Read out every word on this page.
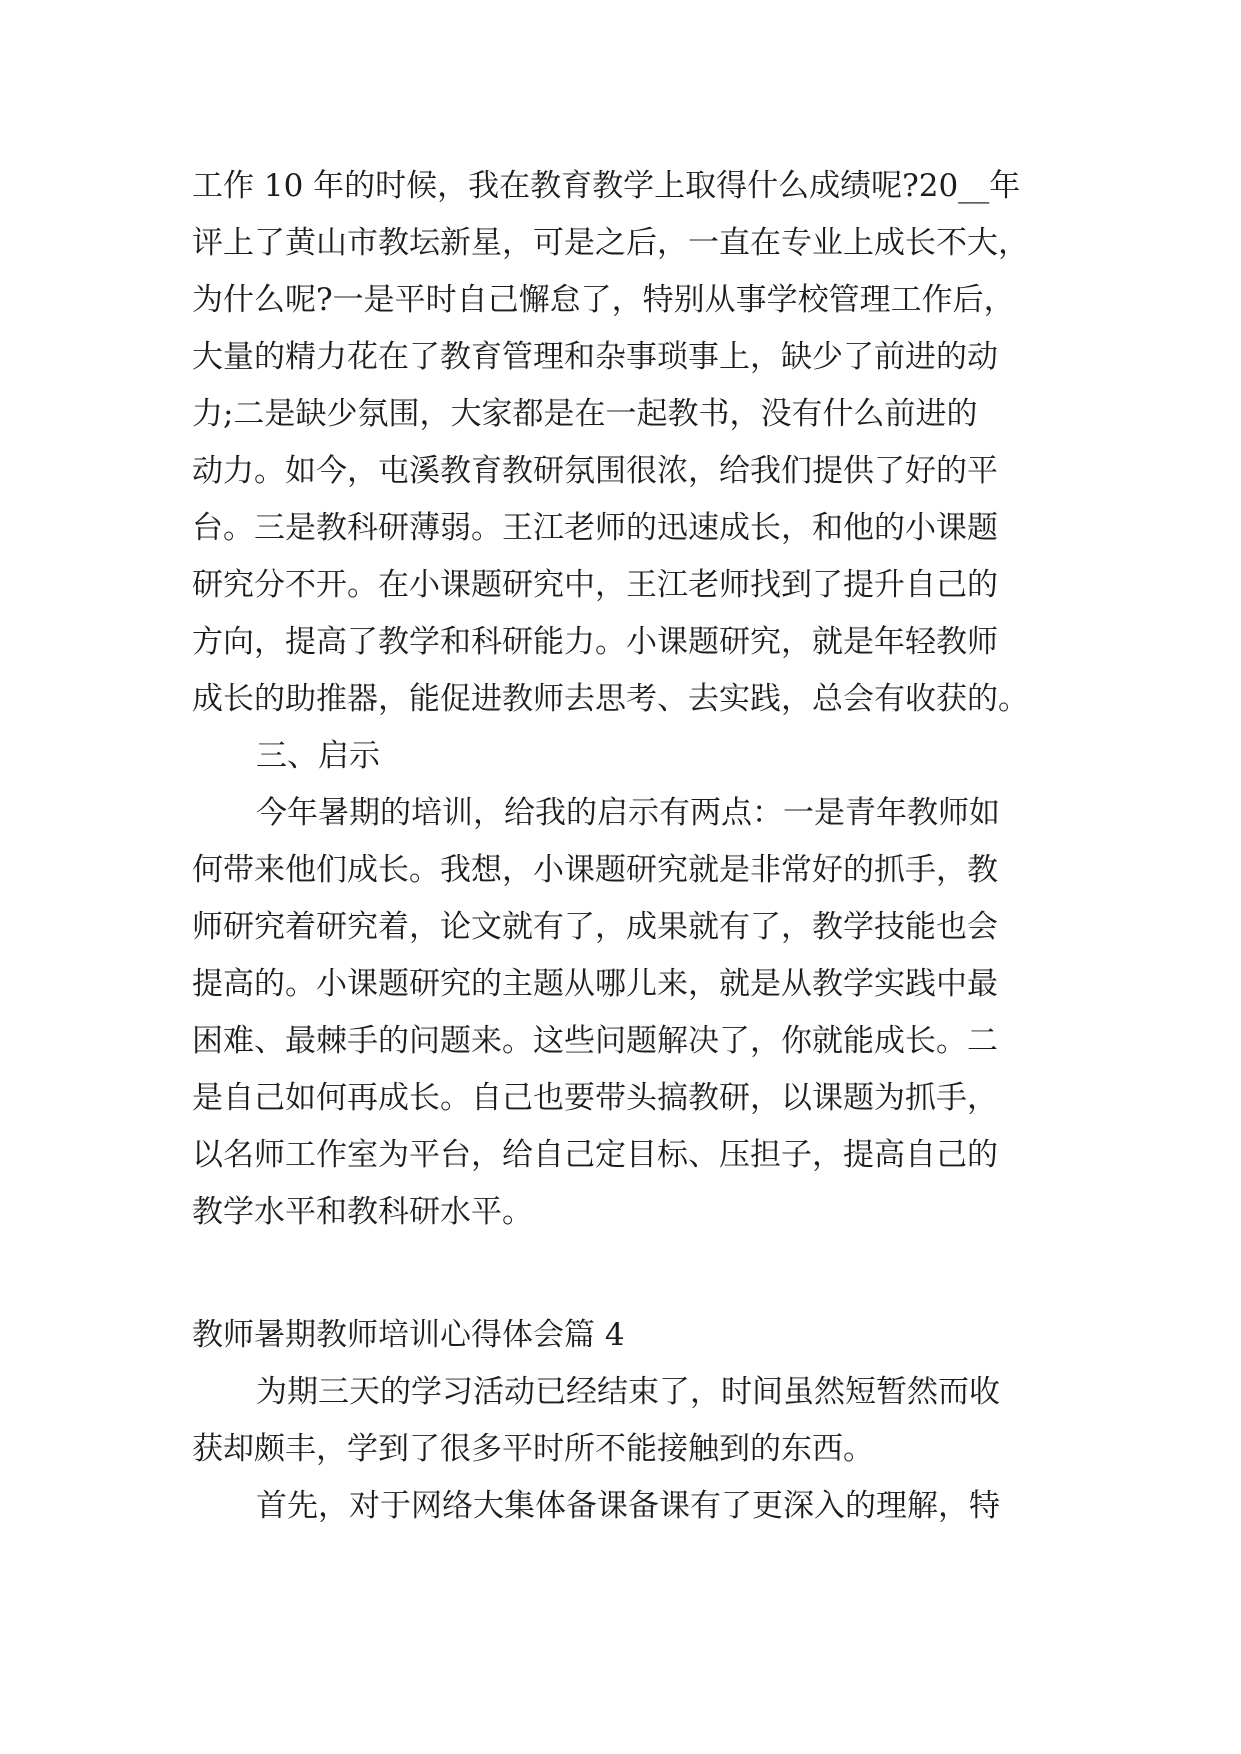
工作 10 年的时候，我在教育教学上取得什么成绩呢?20__年
评上了黄山市教坛新星，可是之后，一直在专业上成长不大，
为什么呢?一是平时自己懈怠了，特别从事学校管理工作后，
大量的精力花在了教育管理和杂事琐事上，缺少了前进的动
力;二是缺少氛围，大家都是在一起教书，没有什么前进的
动力。如今，屯溪教育教研氛围很浓，给我们提供了好的平
台。三是教科研薄弱。王江老师的迅速成长，和他的小课题
研究分不开。在小课题研究中，王江老师找到了提升自己的
方向，提高了教学和科研能力。小课题研究，就是年轻教师
成长的助推器，能促进教师去思考、去实践，总会有收获的。
三、启示
今年暑期的培训，给我的启示有两点：一是青年教师如
何带来他们成长。我想，小课题研究就是非常好的抓手，教
师研究着研究着，论文就有了，成果就有了，教学技能也会
提高的。小课题研究的主题从哪儿来，就是从教学实践中最
困难、最棘手的问题来。这些问题解决了，你就能成长。二
是自己如何再成长。自己也要带头搞教研，以课题为抓手，
以名师工作室为平台，给自己定目标、压担子，提高自己的
教学水平和教科研水平。
教师暑期教师培训心得体会篇 4
为期三天的学习活动已经结束了，时间虽然短暂然而收
获却颇丰，学到了很多平时所不能接触到的东西。
首先，对于网络大集体备课备课有了更深入的理解，特
